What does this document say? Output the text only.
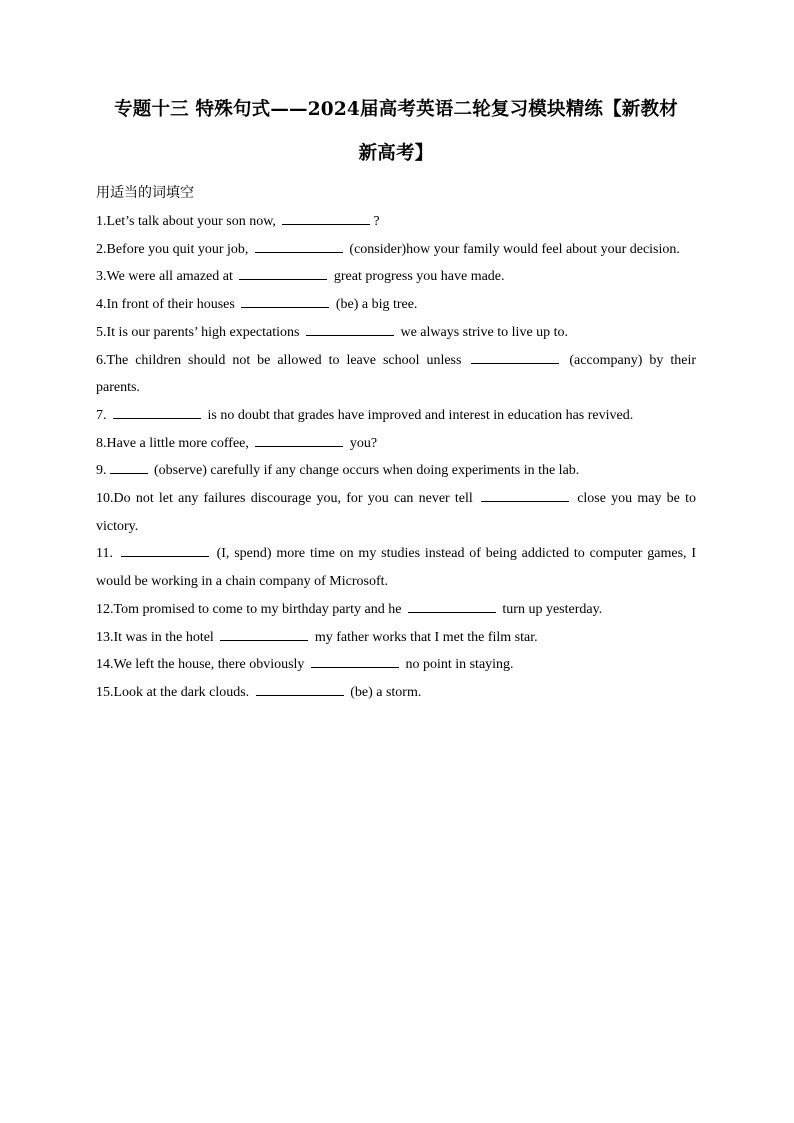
专题十三 特殊句式——2024届高考英语二轮复习模块精练【新教材
新高考】
用适当的词填空

1.Let’s talk about your son now,	?

2.Before you quit your job,	(consider)how your family would feel about your decision.

3.We were all amazed at	great progress you have made.

4.In front of their houses	(be) a big tree.

5.It is our parents’ high expectations	we always strive to live up to.

6.The children should not be allowed to leave school unless	(accompany) by their parents.

7.	is no doubt that grades have improved and interest in education has revived.

8.Have a little more coffee,	you?

9.	(observe) carefully if any change occurs when doing experiments in the lab.

10.Do not let any failures discourage you, for you can never tell	close you may be to victory.

11.	(I, spend) more time on my studies instead of being addicted to computer games, I would be working in a chain company of Microsoft.

12.Tom promised to come to my birthday party and he	turn up yesterday.

13.It was in the hotel	my father works that I met the film star.

14.We left the house, there obviously	no point in staying.

15.Look at the dark clouds.	(be) a storm.
